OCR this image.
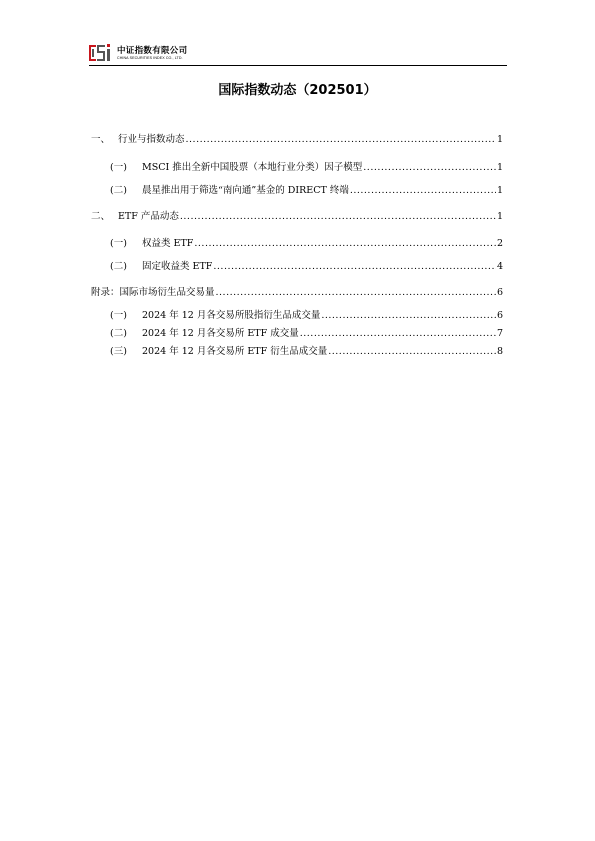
中证指数有限公司
CHINA SECURITIES INDEX CO., LTD.
国际指数动态（202501）
一、 行业与指数动态 .....	1
(一) MSCI 推出全新中国股票（本地行业分类）因子模型 .....	1
(二) 晨星推出用于筛选“南向通”基金的 DIRECT 终端 .....	1
二、 ETF 产品动态 .....	1
(一) 权益类 ETF .....	2
(二) 固定收益类 ETF .....	4
附录：国际市场衍生品交易量 .....	6
(一) 2024 年 12 月各交易所股指衍生品成交量 .....	6
(二) 2024 年 12 月各交易所 ETF 成交量 .....	7
(三) 2024 年 12 月各交易所 ETF 衍生品成交量 .....	8
